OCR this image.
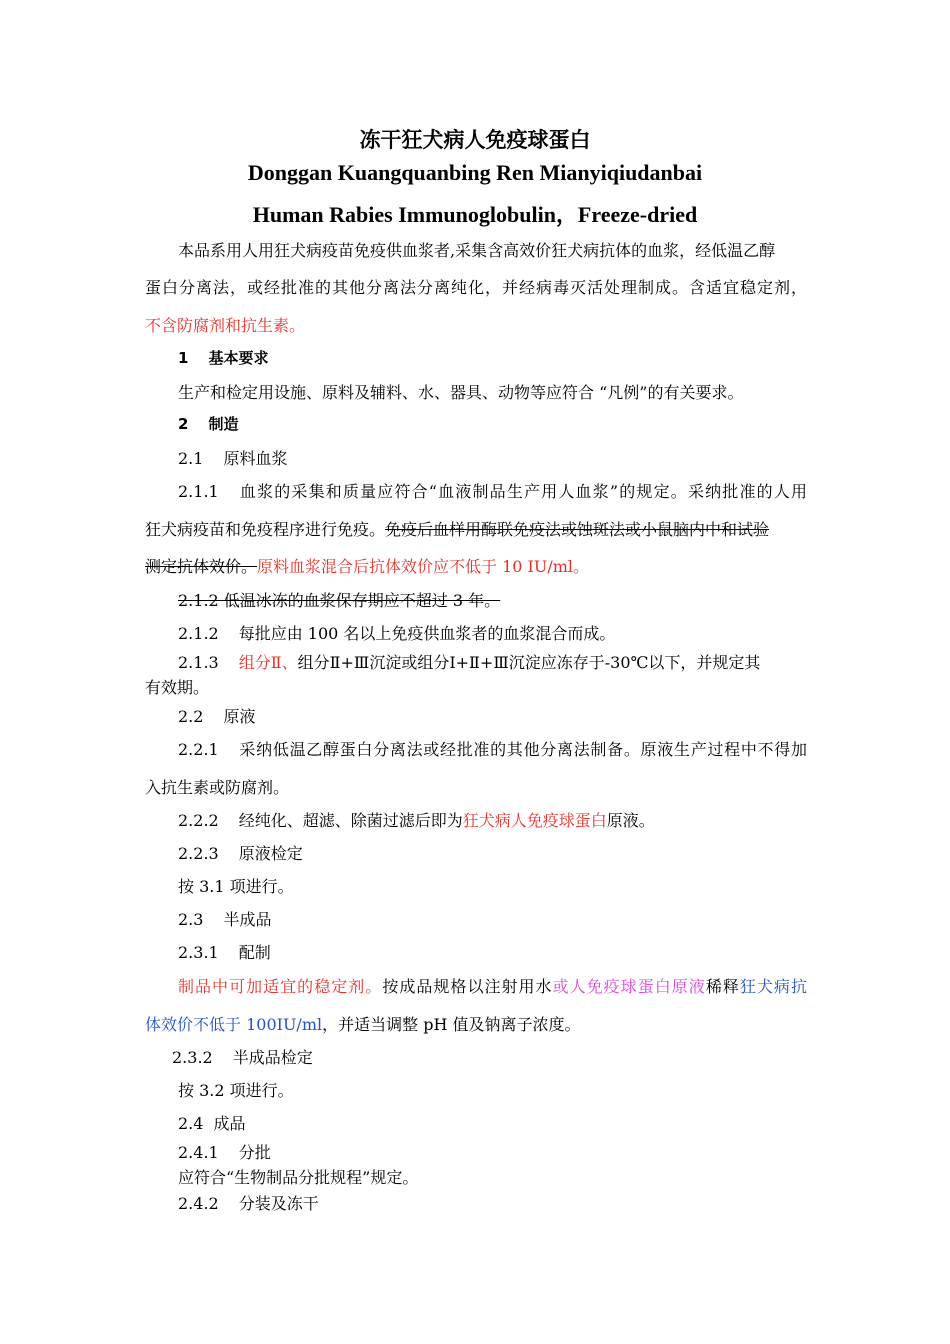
冻干狂犬病人免疫球蛋白
Donggan Kuangquanbing Ren Mianyiqiudanbai
Human Rabies Immunoglobulin，Freeze-dried
本品系用人用狂犬病疫苗免疫供血浆者,采集含高效价狂犬病抗体的血浆，经低温乙醇
蛋白分离法，或经批准的其他分离法分离纯化，并经病毒灭活处理制成。含适宜稳定剂，
不含防腐剂和抗生素。
1 基本要求
生产和检定用设施、原料及辅料、水、器具、动物等应符合 “凡例”的有关要求。
2 制造
2.1 原料血浆
2.1.1 血浆的采集和质量应符合“血液制品生产用人血浆”的规定。采纳批准的人用
狂犬病疫苗和免疫程序进行免疫。免疫后血样用酶联免疫法或蚀斑法或小鼠脑内中和试验
测定抗体效价。原料血浆混合后抗体效价应不低于 10 IU/ml。
2.1.2 低温冰冻的血浆保存期应不超过 3 年。
2.1.2 每批应由 100 名以上免疫供血浆者的血浆混合而成。
2.1.3 组分Ⅱ、组分Ⅱ+Ⅲ沉淀或组分Ⅰ+Ⅱ+Ⅲ沉淀应冻存于-30℃以下，并规定其
有效期。
2.2 原液
2.2.1 采纳低温乙醇蛋白分离法或经批准的其他分离法制备。原液生产过程中不得加
入抗生素或防腐剂。
2.2.2 经纯化、超滤、除菌过滤后即为狂犬病人免疫球蛋白原液。
2.2.3 原液检定
按 3.1 项进行。
2.3 半成品
2.3.1 配制
制品中可加适宜的稳定剂。按成品规格以注射用水或人免疫球蛋白原液稀释狂犬病抗
体效价不低于 100IU/ml，并适当调整 pH 值及钠离子浓度。
2.3.2 半成品检定
按 3.2 项进行。
2.4 成品
2.4.1 分批
应符合“生物制品分批规程”规定。
2.4.2 分装及冻干
